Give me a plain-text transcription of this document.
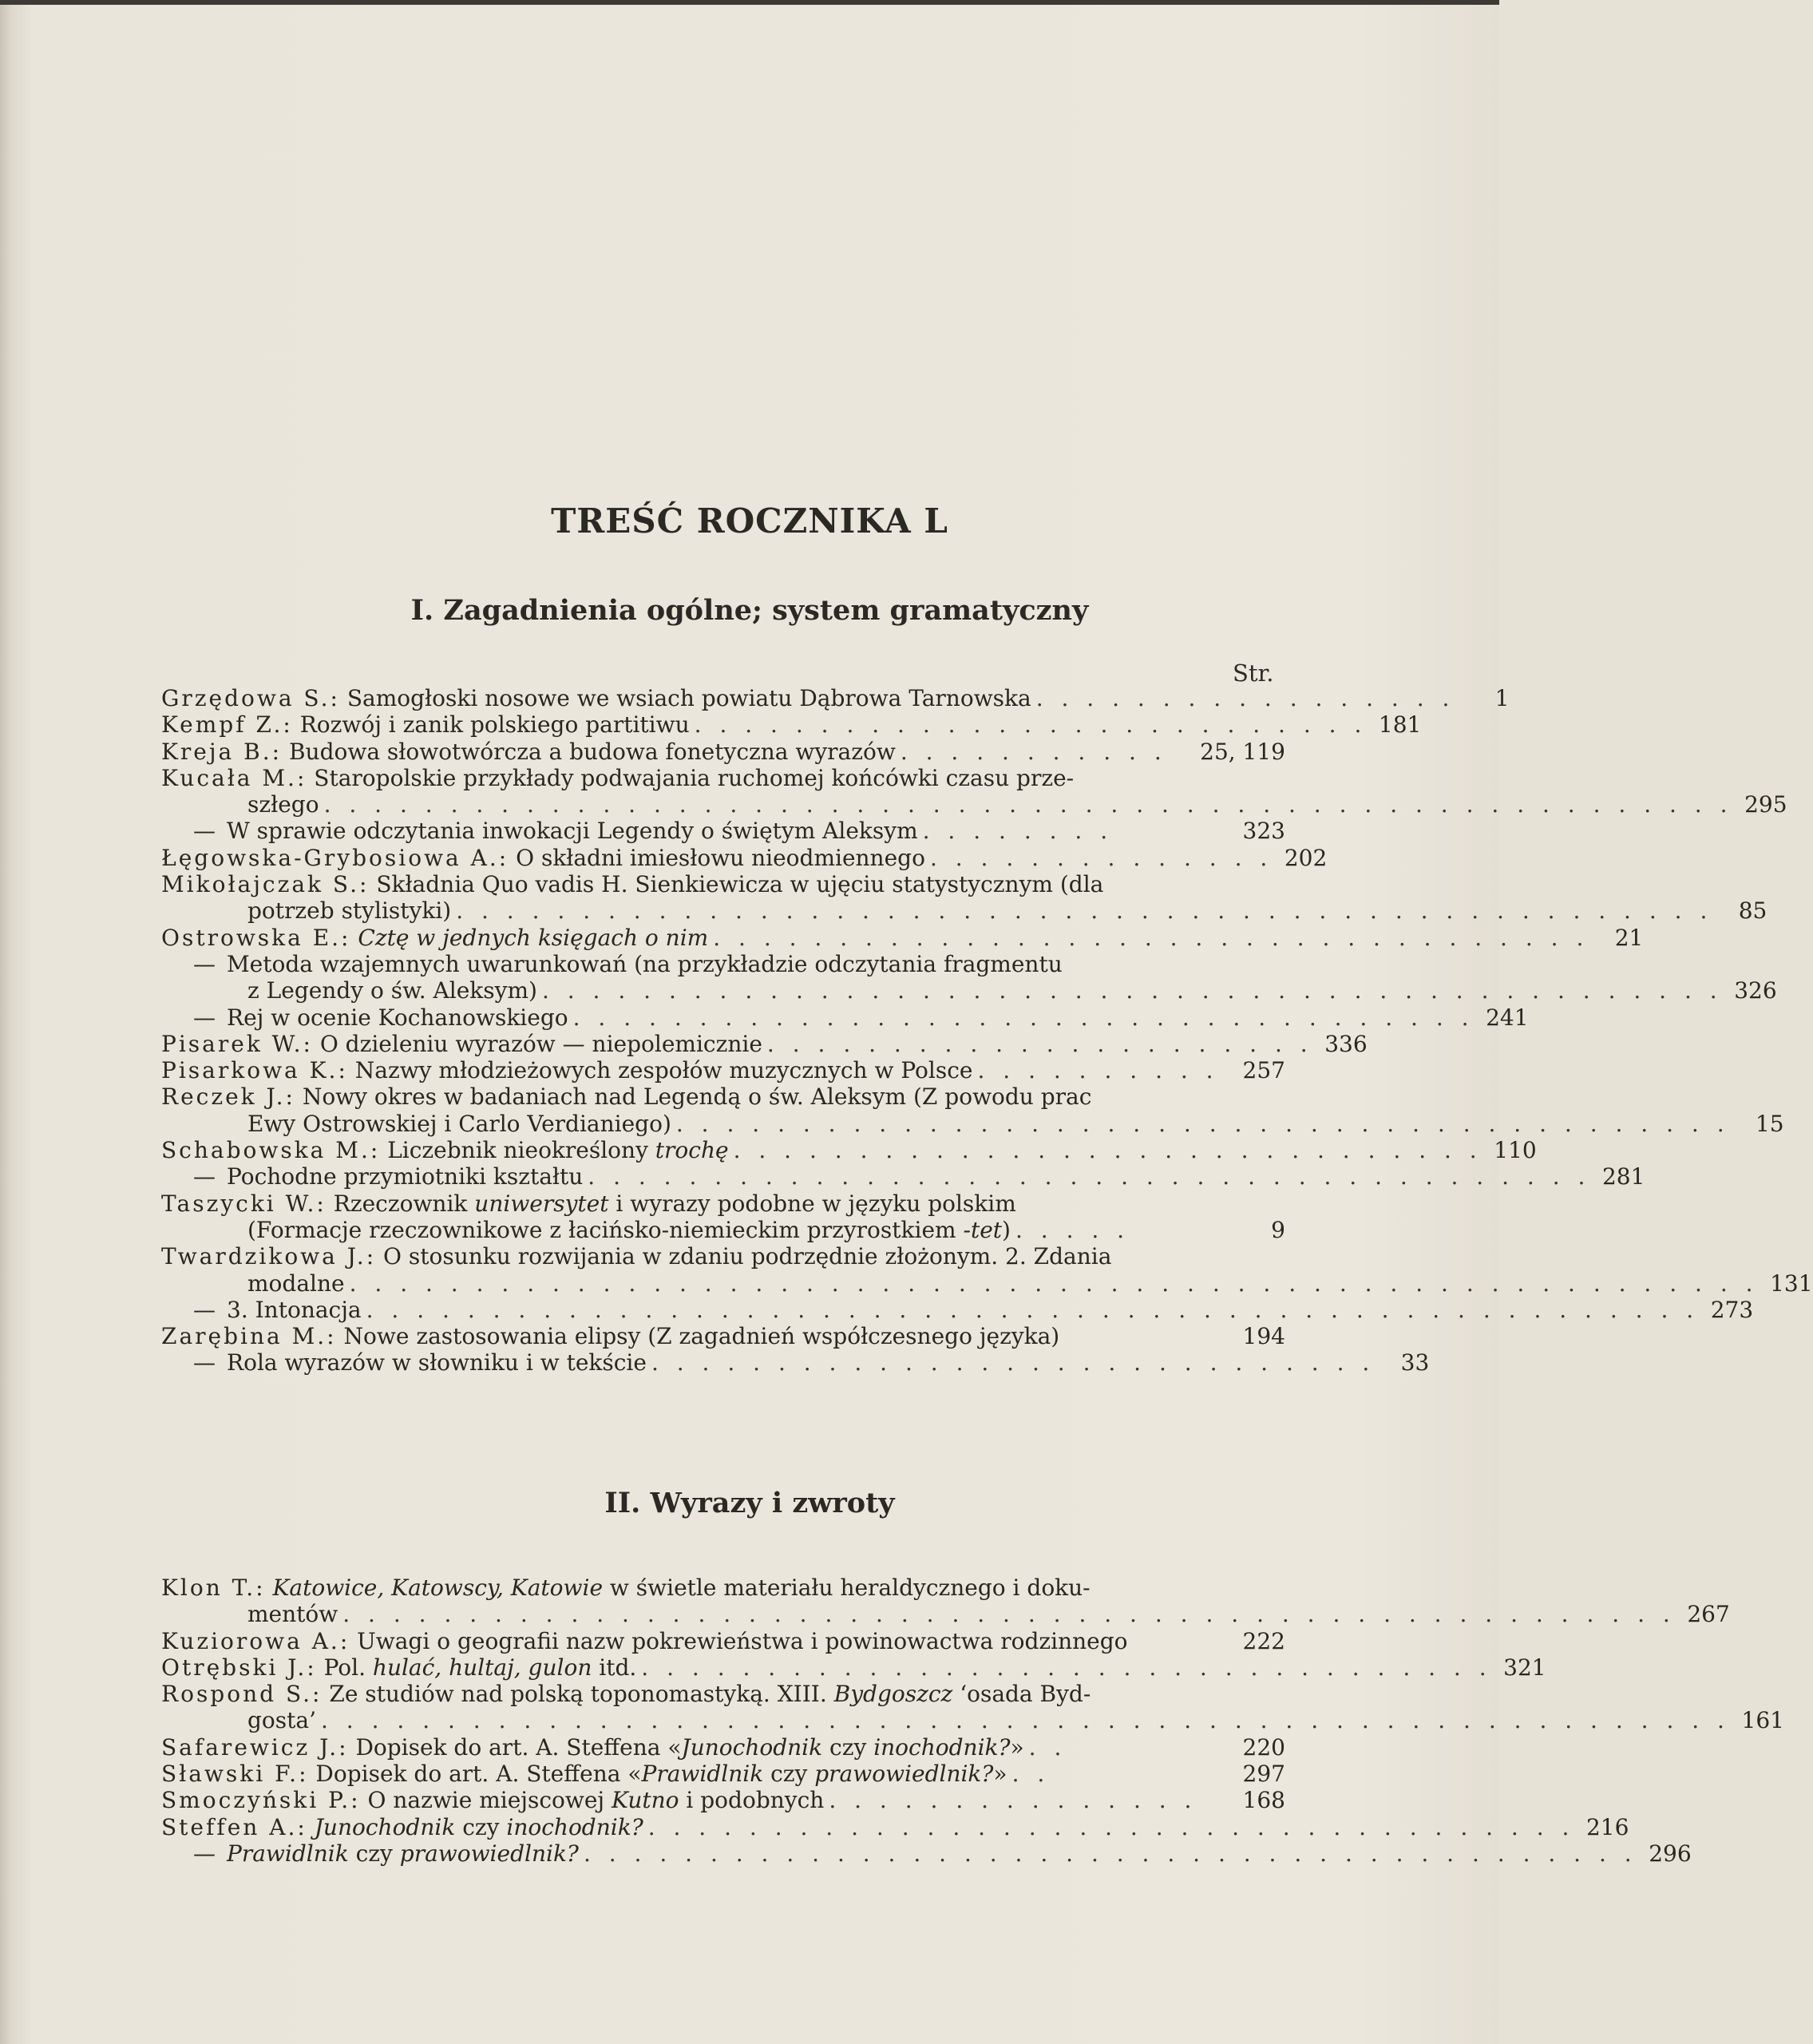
TREŚĆ ROCZNIKA L
I. Zagadnienia ogólne; system gramatyczny
Str.
Grzędowa S.: Samogłoski nosowe we wsiach powiatu Dąbrowa Tarnowska . . . . . . . . . . . . . . . . .	1
Kempf Z.: Rozwój i zanik polskiego partitiwu . . . . . . . . . . . . . . . . . . . . . . . . . . . 181
Kreja B.: Budowa słowotwórcza a budowa fonetyczna wyrazów . . . . . . . . . . .	25, 119
Kucała M.: Staropolskie przykłady podwajania ruchomej końcówki czasu prze-
szłego . . . . . . . . . . . . . . . . . . . . . . . . . . . . . . . . . . . . . . . . . . . . . . . . . . . . . . . . 295
— W sprawie odczytania inwokacji Legendy o świętym Aleksym . . . . . . . .	323
Łęgowska-Grybosiowa A.: O składni imiesłowu nieodmiennego . . . . . . . . . . . . . . 202
Mikołajczak S.: Składnia Quo vadis H. Sienkiewicza w ujęciu statystycznym (dla
potrzeb stylistyki) . . . . . . . . . . . . . . . . . . . . . . . . . . . . . . . . . . . . . . . . . . . . . . . . . .	85
Ostrowska E.: Cztę w jednych księgach o nim . . . . . . . . . . . . . . . . . . . . . . . . . . . . . . . . . . .	21
— Metoda wzajemnych uwarunkowań (na przykładzie odczytania fragmentu
z Legendy o św. Aleksym) . . . . . . . . . . . . . . . . . . . . . . . . . . . . . . . . . . . . . . . . . . . . . . . 326
— Rej w ocenie Kochanowskiego . . . . . . . . . . . . . . . . . . . . . . . . . . . . . . . . . . . . 241
Pisarek W.: O dzieleniu wyrazów — niepolemicznie . . . . . . . . . . . . . . . . . . . . . . 336
Pisarkowa K.: Nazwy młodzieżowych zespołów muzycznych w Polsce . . . . . . . . . .	257
Reczek J.: Nowy okres w badaniach nad Legendą o św. Aleksym (Z powodu prac
Ewy Ostrowskiej i Carlo Verdianiego) . . . . . . . . . . . . . . . . . . . . . . . . . . . . . . . . . . . . . . . . . .	15
Schabowska M.: Liczebnik nieokreślony trochę . . . . . . . . . . . . . . . . . . . . . . . . . . . . . . 110
— Pochodne przymiotniki kształtu . . . . . . . . . . . . . . . . . . . . . . . . . . . . . . . . . . . . . . . . 281
Taszycki W.: Rzeczownik uniwersytet i wyrazy podobne w języku polskim
(Formacje rzeczownikowe z łacińsko-niemieckim przyrostkiem -tet) . . . . .	9
Twardzikowa J.: O stosunku rozwijania w zdaniu podrzędnie złożonym. 2. Zdania
modalne . . . . . . . . . . . . . . . . . . . . . . . . . . . . . . . . . . . . . . . . . . . . . . . . . . . . . . . . 131
— 3. Intonacja . . . . . . . . . . . . . . . . . . . . . . . . . . . . . . . . . . . . . . . . . . . . . . . . . . . . . 273
Zarębina M.: Nowe zastosowania elipsy (Z zagadnień współczesnego języka)	194
— Rola wyrazów w słowniku i w tekście . . . . . . . . . . . . . . . . . . . . . . . . . . . . .	33
II. Wyrazy i zwroty
Klon T.: Katowice, Katowscy, Katowie w świetle materiału heraldycznego i doku-
mentów . . . . . . . . . . . . . . . . . . . . . . . . . . . . . . . . . . . . . . . . . . . . . . . . . . . . . 267
Kuziorowa A.: Uwagi o geografii nazw pokrewieństwa i powinowactwa rodzinnego	222
Otrębski J.: Pol. hulać, hultaj, gulon itd. . . . . . . . . . . . . . . . . . . . . . . . . . . . . . . . . . . 321
Rospond S.: Ze studiów nad polską toponomastyką. XIII. Bydgoszcz ‘osada Byd-
gosta’ . . . . . . . . . . . . . . . . . . . . . . . . . . . . . . . . . . . . . . . . . . . . . . . . . . . . . . . . 161
Safarewicz J.: Dopisek do art. A. Steffena «Junochodnik czy inochodnik?» . .	220
Sławski F.: Dopisek do art. A. Steffena «Prawidlnik czy prawowiedlnik?» . .	297
Smoczyński P.: O nazwie miejscowej Kutno i podobnych . . . . . . . . . . . . . . .	168
Steffen A.: Junochodnik czy inochodnik? . . . . . . . . . . . . . . . . . . . . . . . . . . . . . . . . . . . . . 216
— Prawidlnik czy prawowiedlnik? . . . . . . . . . . . . . . . . . . . . . . . . . . . . . . . . . . . . . . . . . . 296
